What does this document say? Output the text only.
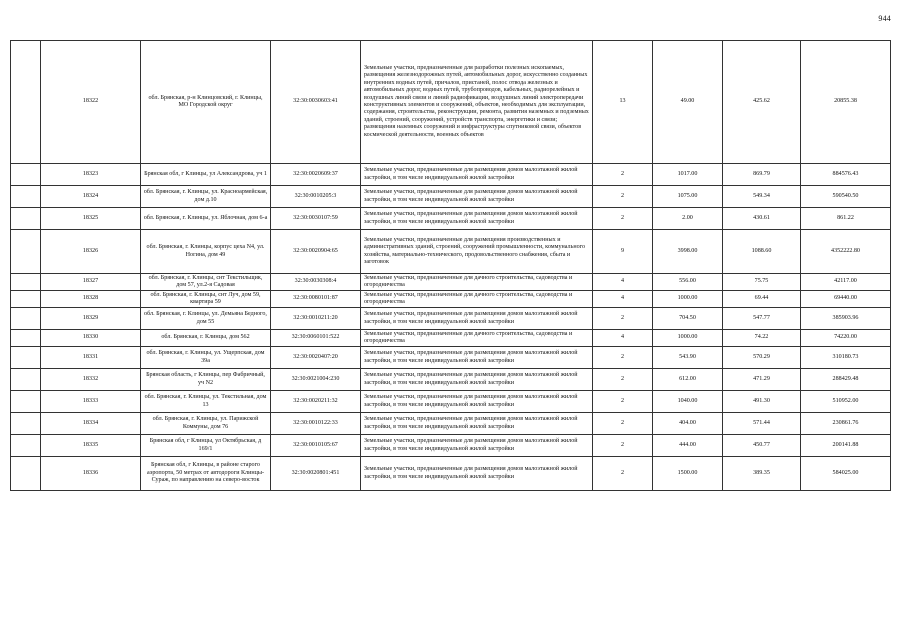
944
	18322	обл. Брянская, р-н Клинцовский, г. Клинцы, МО Городской округ	32:30:0030603:41	Земельные участки, предназначенные для разработки полезных ископаемых, размещения железнодорожных путей, автомобильных дорог, искусственно созданных внутренних водных путей, причалов, пристаней, полос отвода железных и автомобильных дорог, водных путей, трубопроводов, кабельных, радиорелейных и воздушных линий связи и линий радиофикации, воздушных линий электропередачи конструктивных элементов и сооружений, объектов, необходимых для эксплуатации, содержания, строительства, реконструкции, ремонта, развития наземных и подземных зданий, строений, сооружений, устройств транспорта, энергетики и связи; размещения наземных сооружений и инфраструктуры спутниковой связи, объектов космической деятельности, военных объектов	13	49.00	425.62	20855.38
	18323	Брянская обл, г Клинцы, ул Александрова, уч 1	32:30:0020609:37	Земельные участки, предназначенные для размещения домов малоэтажной жилой застройки, в том числе индивидуальной жилой застройки	2	1017.00	869.79	884576.43
	18324	обл. Брянская, г. Клинцы, ул. Красноармейская, дом д.10	32:30:0010205:3	Земельные участки, предназначенные для размещения домов малоэтажной жилой застройки, в том числе индивидуальной жилой застройки	2	1075.00	549.34	590540.50
	18325	обл. Брянская, г. Клинцы, ул. Яблочная, дом 6-а	32:30:0030107:59	Земельные участки, предназначенные для размещения домов малоэтажной жилой застройки, в том числе индивидуальной жилой застройки	2	2.00	430.61	861.22
	18326	обл. Брянская, г. Клинцы, корпус цеха N4, ул. Ногина, дом 49	32:30:0020904:65	Земельные участки, предназначенные для размещения производственных и административных зданий, строений, сооружений промышленности, коммунального хозяйства, материально-технического, продовольственного снабжения, сбыта и заготовок	9	3998.00	1088.60	4352222.80
	18327	обл. Брянская, г. Клинцы, снт Текстильщик, дом 57, ул.2-я Садовая	32:30:0030308:4	Земельные участки, предназначенные для дачного строительства, садоводства и огородничества	4	556.00	75.75	42117.00
	18328	обл. Брянская, г. Клинцы, снт Луч, дом 59, квартира 59	32:30:0080101:87	Земельные участки, предназначенные для дачного строительства, садоводства и огородничества	4	1000.00	69.44	69440.00
	18329	обл. Брянская, г. Клинцы, ул. Демьяна Бедного, дом 55	32:30:0010211:20	Земельные участки, предназначенные для размещения домов малоэтажной жилой застройки, в том числе индивидуальной жилой застройки	2	704.50	547.77	385903.96
	18330	обл. Брянская, г. Клинцы, дом 562	32:30:0060101:522	Земельные участки, предназначенные для дачного строительства, садоводства и огородничества	4	1000.00	74.22	74220.00
	18331	обл. Брянская, г. Клинцы, ул. Ущерпская, дом 39а	32:30:0020407:20	Земельные участки, предназначенные для размещения домов малоэтажной жилой застройки, в том числе индивидуальной жилой застройки	2	543.90	570.29	310180.73
	18332	Брянская область, г Клинцы, пер Фабричный, уч N2	32:30:0021004:230	Земельные участки, предназначенные для размещения домов малоэтажной жилой застройки, в том числе индивидуальной жилой застройки	2	612.00	471.29	288429.48
	18333	обл. Брянская, г. Клинцы, ул. Текстильная, дом 13	32:30:0020211:32	Земельные участки, предназначенные для размещения домов малоэтажной жилой застройки, в том числе индивидуальной жилой застройки	2	1040.00	491.30	510952.00
	18334	обл. Брянская, г. Клинцы, ул. Парижской Коммуны, дом 76	32:30:0010122:33	Земельные участки, предназначенные для размещения домов малоэтажной жилой застройки, в том числе индивидуальной жилой застройки	2	404.00	571.44	230861.76
	18335	Брянская обл, г Клинцы, ул Октябрьская, д 169/1	32:30:0010105:67	Земельные участки, предназначенные для размещения домов малоэтажной жилой застройки, в том числе индивидуальной жилой застройки	2	444.00	450.77	200141.88
	18336	Брянская обл, г Клинцы, в районе старого аэропорта, 50 метрах от автодороги Клинцы-Сураж, по направлению на северо-восток	32:30:0020801:451	Земельные участки, предназначенные для размещения домов малоэтажной жилой застройки, в том числе индивидуальной жилой застройки	2	1500.00	389.35	584025.00
